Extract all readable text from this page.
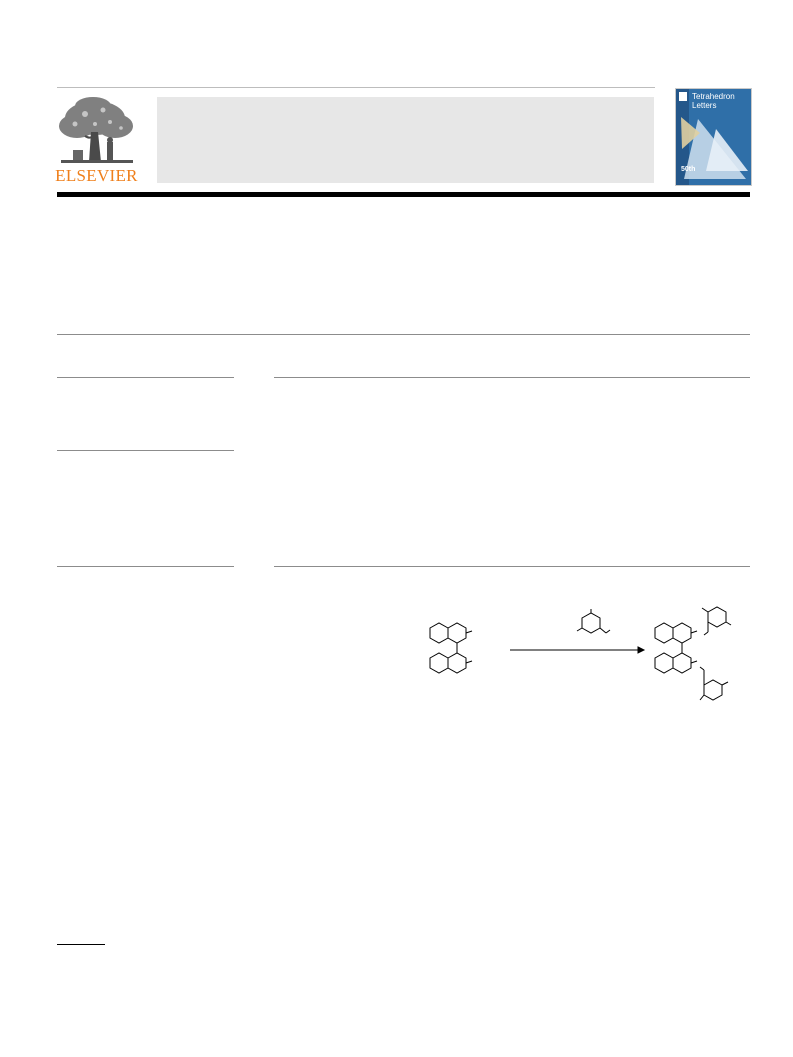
ELSEVIER
Tetrahedron Letters
50th
